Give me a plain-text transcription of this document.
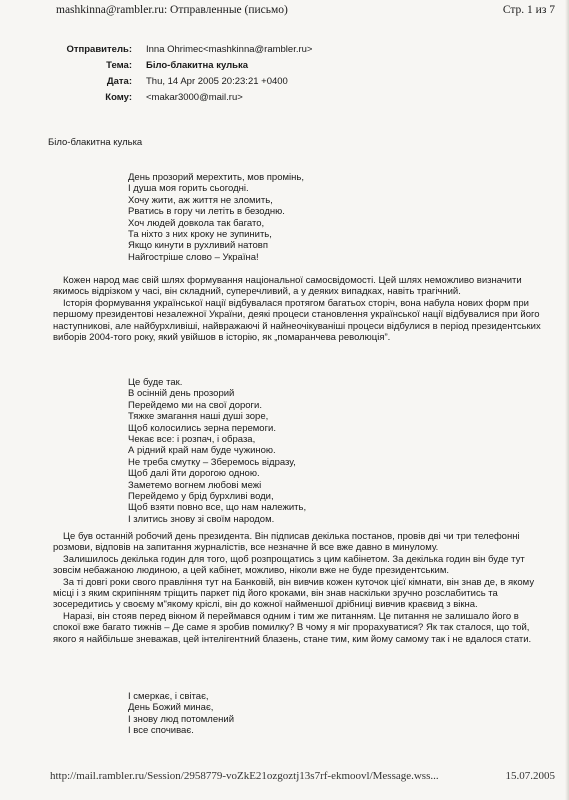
mashkinna@rambler.ru: Отправленные (письмо)	Стр. 1 из 7
Отправитель: Inna Ohrimec<mashkinna@rambler.ru>
Тема: Біло-блакитна кулька
Дата: Thu, 14 Apr 2005 20:23:21 +0400
Кому: <makar3000@mail.ru>
Біло-блакитна кулька
День прозорий мерехтить, мов промінь,
І душа моя горить сьогодні.
Хочу жити, аж життя не зломить,
Рватись в гору чи летіть в безодню.
Хоч людей довкола так багато,
Та ніхто з них кроку не зупинить,
Якщо кинути в рухливий натовп
Найгостріше слово – Україна!

Кожен народ має свій шлях формування національної самосвідомості. Цей шлях неможливо визначити якимось відрізком у часі, він складний, суперечливий, а у деяких випадках, навіть трагічний.

Історія формування української нації відбувалася протягом багатьох сторіч, вона набула нових форм при першому президентові незалежної України, деякі процеси становлення української нації відбувалися при його наступникові, але найбурхливіші, найвражаючі й найнеочікуваніші процеси відбулися в період президентських виборів 2004-того року, який увійшов в історію, як „помаранчева революція”.

Це буде так.
В осінній день прозорий
Перейдемо ми на свої дороги.
Тяжке змагання наші душі зоре,
Щоб колосились зерна перемоги.
Чекає все: і розпач, і образа,
А рідний край нам буде чужиною.
Не треба смутку – Зберемось відразу,
Щоб далі йти дорогою одною.
Заметемо вогнем любові межі
Перейдемо у брід бурхливі води,
Щоб взяти повно все, що нам належить,
І злитись знову зі своїм народом.

Це був останній робочий день президента. Він підписав декілька постанов, провів дві чи три телефонні розмови, відповів на запитання журналістів, все незначне й все вже давно в минулому.

Залишилось декілька годин для того, щоб розпрощатись з цим кабінетом. За декілька годин він буде тут зовсім небажаною людиною, а цей кабінет, можливо, ніколи вже не буде президентським.

За ті довгі роки свого правління тут на Банковій, він вивчив кожен куточок цієї кімнати, він знав де, в якому місці і з яким скрипінням тріщить паркет під його кроками, він знав наскільки зручно розслабитись та зосередитись у своєму м"якому кріслі, він до кожної найменшої дрібниці вивчив краєвид з вікна.

Наразі, він стояв перед вікном й переймався одним і тим же питанням. Це питання не залишало його в спокої вже багато тижнів – Де саме я зробив помилку? В чому я міг прорахуватися? Як так сталося, що той, якого я найбільше зневажав, цей інтелігентний блазень, стане тим, ким йому самому так і не вдалося стати.

І смеркає, і світає,
День Божий минає,
І знову люд потомлений
І все спочиває.
http://mail.rambler.ru/Session/2958779-voZkE21ozgoztj13s7rf-ekmoovl/Message.wss...	15.07.2005
